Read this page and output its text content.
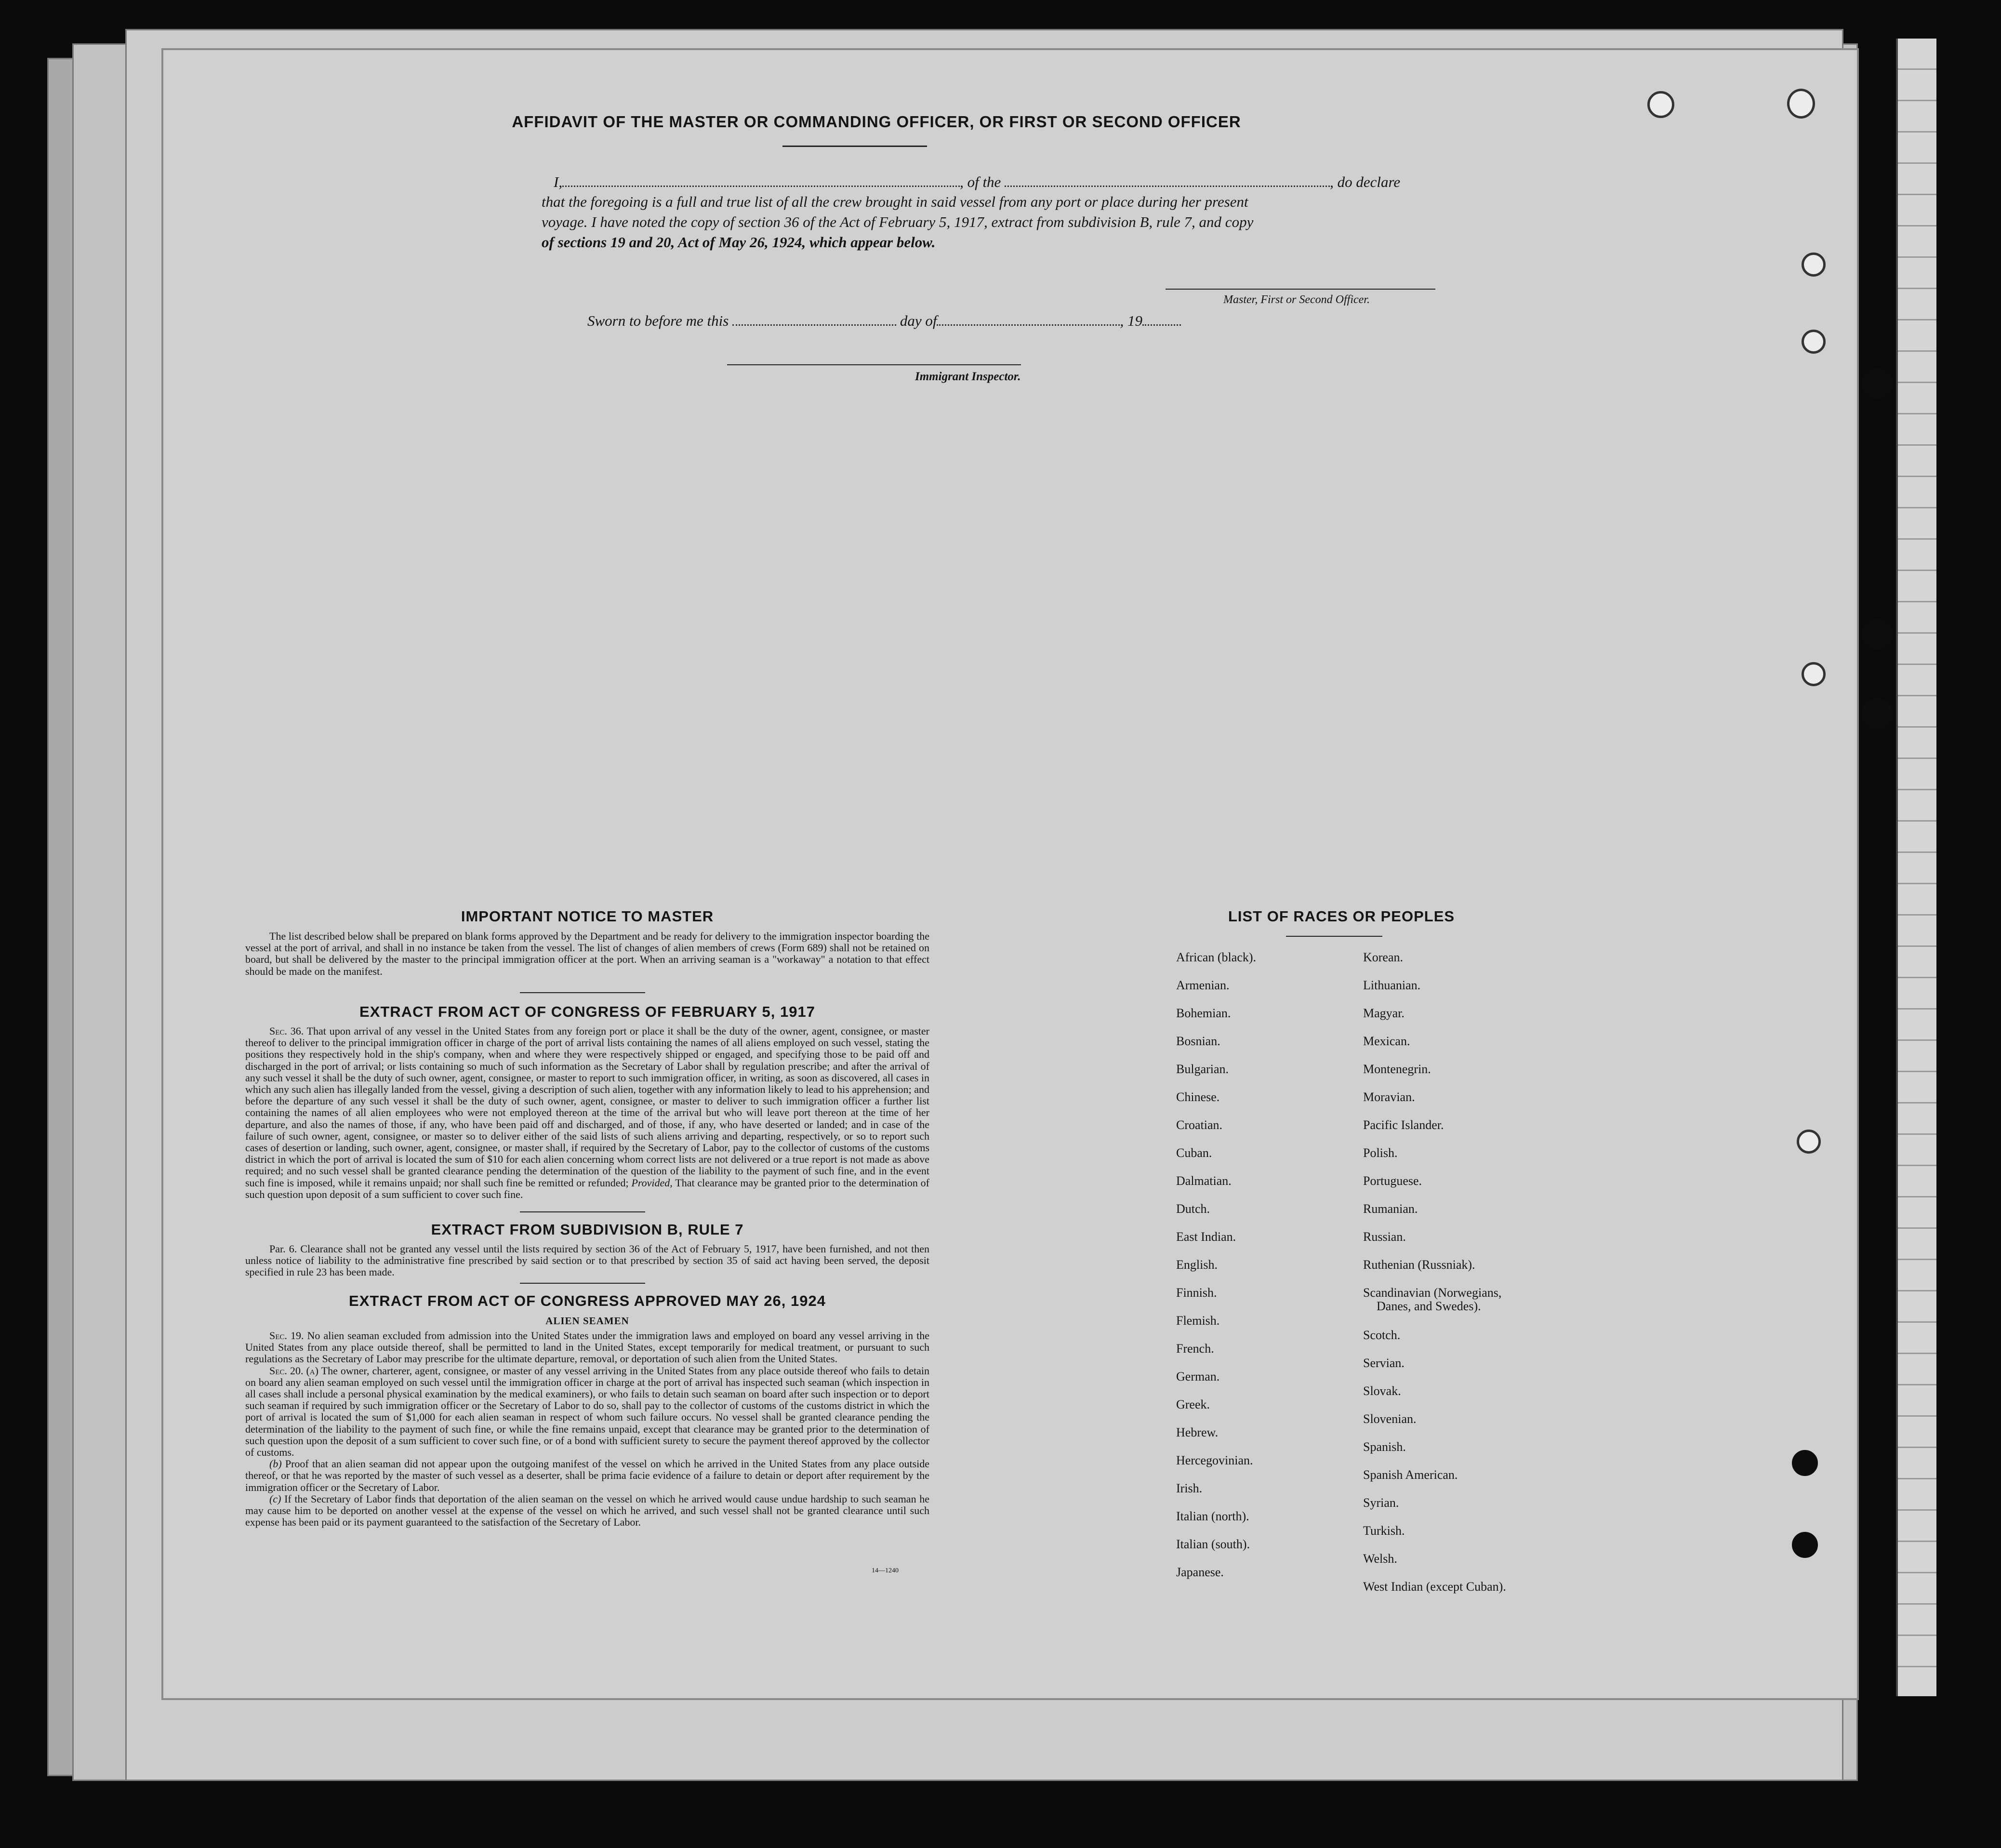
AFFIDAVIT OF THE MASTER OR COMMANDING OFFICER, OR FIRST OR SECOND OFFICER
I,	, of the	, do declare
that the foregoing is a full and true list of all the crew brought in said vessel from any port or place during her present
voyage. I have noted the copy of section 36 of the Act of February 5, 1917, extract from subdivision B, rule 7, and copy
of sections 19 and 20, Act of May 26, 1924, which appear below.
Master, First or Second Officer.
Sworn to before me this	day of	, 19
Immigrant Inspector.
IMPORTANT NOTICE TO MASTER

The list described below shall be prepared on blank forms approved by the Department and be ready for delivery to the immigration inspector boarding the vessel at the port of arrival, and shall in no instance be taken from the vessel. The list of changes of alien members of crews (Form 689) shall not be retained on board, but shall be delivered by the master to the principal immigration officer at the port. When an arriving seaman is a "workaway" a notation to that effect should be made on the manifest.

EXTRACT FROM ACT OF CONGRESS OF FEBRUARY 5, 1917

Sec. 36. That upon arrival of any vessel in the United States from any foreign port or place it shall be the duty of the owner, agent, consignee, or master thereof to deliver to the principal immigration officer in charge of the port of arrival lists containing the names of all aliens employed on such vessel, stating the positions they respectively hold in the ship's company, when and where they were respectively shipped or engaged, and specifying those to be paid off and discharged in the port of arrival; or lists containing so much of such information as the Secretary of Labor shall by regulation prescribe; and after the arrival of any such vessel it shall be the duty of such owner, agent, consignee, or master to report to such immigration officer, in writing, as soon as discovered, all cases in which any such alien has illegally landed from the vessel, giving a description of such alien, together with any information likely to lead to his apprehension; and before the departure of any such vessel it shall be the duty of such owner, agent, consignee, or master to deliver to such immigration officer a further list containing the names of all alien employees who were not employed thereon at the time of the arrival but who will leave port thereon at the time of her departure, and also the names of those, if any, who have been paid off and discharged, and of those, if any, who have deserted or landed; and in case of the failure of such owner, agent, consignee, or master so to deliver either of the said lists of such aliens arriving and departing, respectively, or so to report such cases of desertion or landing, such owner, agent, consignee, or master shall, if required by the Secretary of Labor, pay to the collector of customs of the customs district in which the port of arrival is located the sum of $10 for each alien concerning whom correct lists are not delivered or a true report is not made as above required; and no such vessel shall be granted clearance pending the determination of the question of the liability to the payment of such fine, and in the event such fine is imposed, while it remains unpaid; nor shall such fine be remitted or refunded; Provided, That clearance may be granted prior to the determination of such question upon deposit of a sum sufficient to cover such fine.

EXTRACT FROM SUBDIVISION B, RULE 7

Par. 6. Clearance shall not be granted any vessel until the lists required by section 36 of the Act of February 5, 1917, have been furnished, and not then unless notice of liability to the administrative fine prescribed by said section or to that prescribed by section 35 of said act having been served, the deposit specified in rule 23 has been made.

EXTRACT FROM ACT OF CONGRESS APPROVED MAY 26, 1924
ALIEN SEAMEN

Sec. 19. No alien seaman excluded from admission into the United States under the immigration laws and employed on board any vessel arriving in the United States from any place outside thereof, shall be permitted to land in the United States, except temporarily for medical treatment, or pursuant to such regulations as the Secretary of Labor may prescribe for the ultimate departure, removal, or deportation of such alien from the United States.

Sec. 20. (a) The owner, charterer, agent, consignee, or master of any vessel arriving in the United States from any place outside thereof who fails to detain on board any alien seaman employed on such vessel until the immigration officer in charge at the port of arrival has inspected such seaman (which inspection in all cases shall include a personal physical examination by the medical examiners), or who fails to detain such seaman on board after such inspection or to deport such seaman if required by such immigration officer or the Secretary of Labor to do so, shall pay to the collector of customs of the customs district in which the port of arrival is located the sum of $1,000 for each alien seaman in respect of whom such failure occurs. No vessel shall be granted clearance pending the determination of the liability to the payment of such fine, or while the fine remains unpaid, except that clearance may be granted prior to the determination of such question upon the deposit of a sum sufficient to cover such fine, or of a bond with sufficient surety to secure the payment thereof approved by the collector of customs.

(b) Proof that an alien seaman did not appear upon the outgoing manifest of the vessel on which he arrived in the United States from any place outside thereof, or that he was reported by the master of such vessel as a deserter, shall be prima facie evidence of a failure to detain or deport after requirement by the immigration officer or the Secretary of Labor.

(c) If the Secretary of Labor finds that deportation of the alien seaman on the vessel on which he arrived would cause undue hardship to such seaman he may cause him to be deported on another vessel at the expense of the vessel on which he arrived, and such vessel shall not be granted clearance until such expense has been paid or its payment guaranteed to the satisfaction of the Secretary of Labor.

14—1240
LIST OF RACES OR PEOPLES
African (black).
Armenian.
Bohemian.
Bosnian.
Bulgarian.
Chinese.
Croatian.
Cuban.
Dalmatian.
Dutch.
East Indian.
English.
Finnish.
Flemish.
French.
German.
Greek.
Hebrew.
Hercegovinian.
Irish.
Italian (north).
Italian (south).
Japanese.
Korean.
Lithuanian.
Magyar.
Mexican.
Montenegrin.
Moravian.
Pacific Islander.
Polish.
Portuguese.
Rumanian.
Russian.
Ruthenian (Russniak).
Scandinavian (Norwegians,
Danes, and Swedes).
Scotch.
Servian.
Slovak.
Slovenian.
Spanish.
Spanish American.
Syrian.
Turkish.
Welsh.
West Indian (except Cuban).
